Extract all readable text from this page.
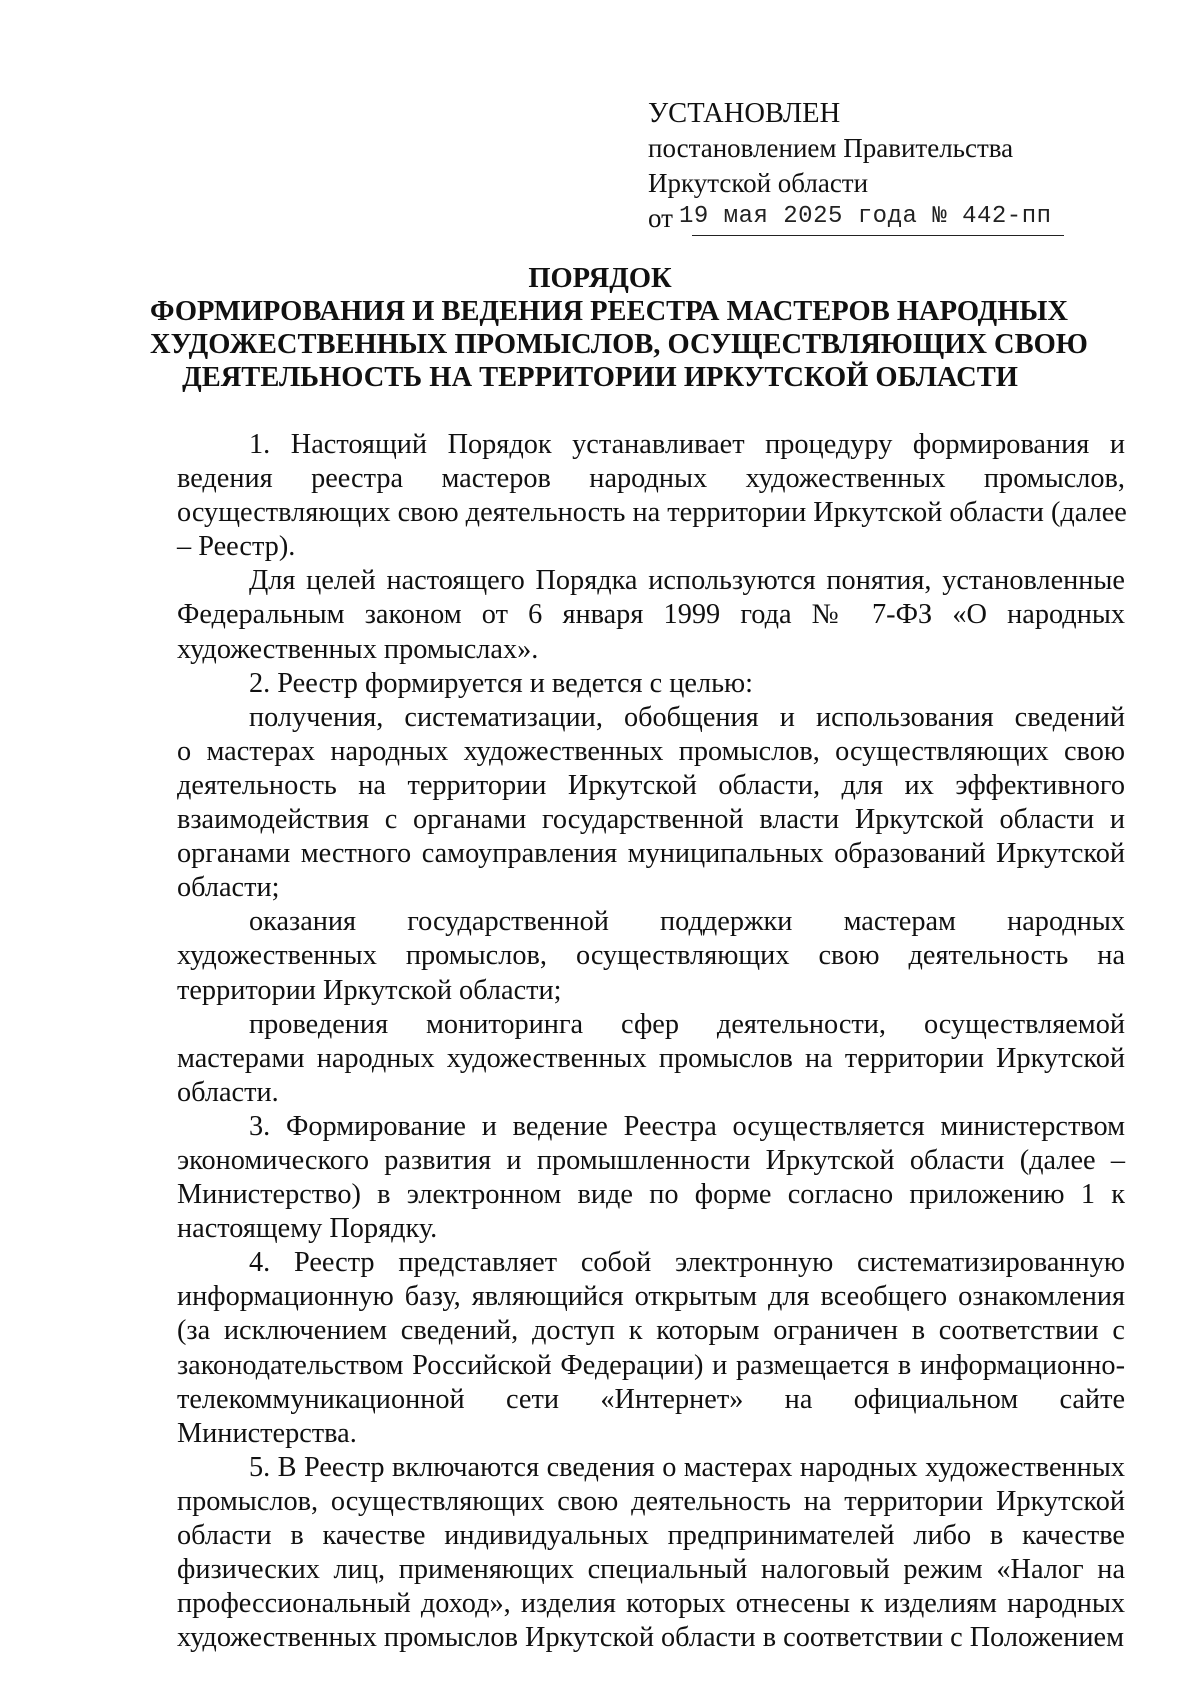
УСТАНОВЛЕН
постановлением Правительства
Иркутской области
от 19 мая 2025 года № 442-пп
ПОРЯДОК
ФОРМИРОВАНИЯ И ВЕДЕНИЯ РЕЕСТРА МАСТЕРОВ НАРОДНЫХ
ХУДОЖЕСТВЕННЫХ ПРОМЫСЛОВ, ОСУЩЕСТВЛЯЮЩИХ СВОЮ
ДЕЯТЕЛЬНОСТЬ НА ТЕРРИТОРИИ ИРКУТСКОЙ ОБЛАСТИ
1. Настоящий Порядок устанавливает процедуру формирования и
ведения реестра мастеров народных художественных промыслов,
осуществляющих свою деятельность на территории Иркутской области (далее
– Реестр).
Для целей настоящего Порядка используются понятия, установленные
Федеральным законом от 6 января 1999 года № 7-ФЗ «О народных
художественных промыслах».
2. Реестр формируется и ведется с целью:
получения, систематизации, обобщения и использования сведений
о мастерах народных художественных промыслов, осуществляющих свою
деятельность на территории Иркутской области, для их эффективного
взаимодействия с органами государственной власти Иркутской области и
органами местного самоуправления муниципальных образований Иркутской
области;
оказания государственной поддержки мастерам народных
художественных промыслов, осуществляющих свою деятельность на
территории Иркутской области;
проведения мониторинга сфер деятельности, осуществляемой
мастерами народных художественных промыслов на территории Иркутской
области.
3. Формирование и ведение Реестра осуществляется министерством
экономического развития и промышленности Иркутской области (далее –
Министерство) в электронном виде по форме согласно приложению 1 к
настоящему Порядку.
4. Реестр представляет собой электронную систематизированную
информационную базу, являющийся открытым для всеобщего ознакомления
(за исключением сведений, доступ к которым ограничен в соответствии с
законодательством Российской Федерации) и размещается в информационно-
телекоммуникационной сети «Интернет» на официальном сайте
Министерства.
5. В Реестр включаются сведения о мастерах народных художественных
промыслов, осуществляющих свою деятельность на территории Иркутской
области в качестве индивидуальных предпринимателей либо в качестве
физических лиц, применяющих специальный налоговый режим «Налог на
профессиональный доход», изделия которых отнесены к изделиям народных
художественных промыслов Иркутской области в соответствии с Положением
